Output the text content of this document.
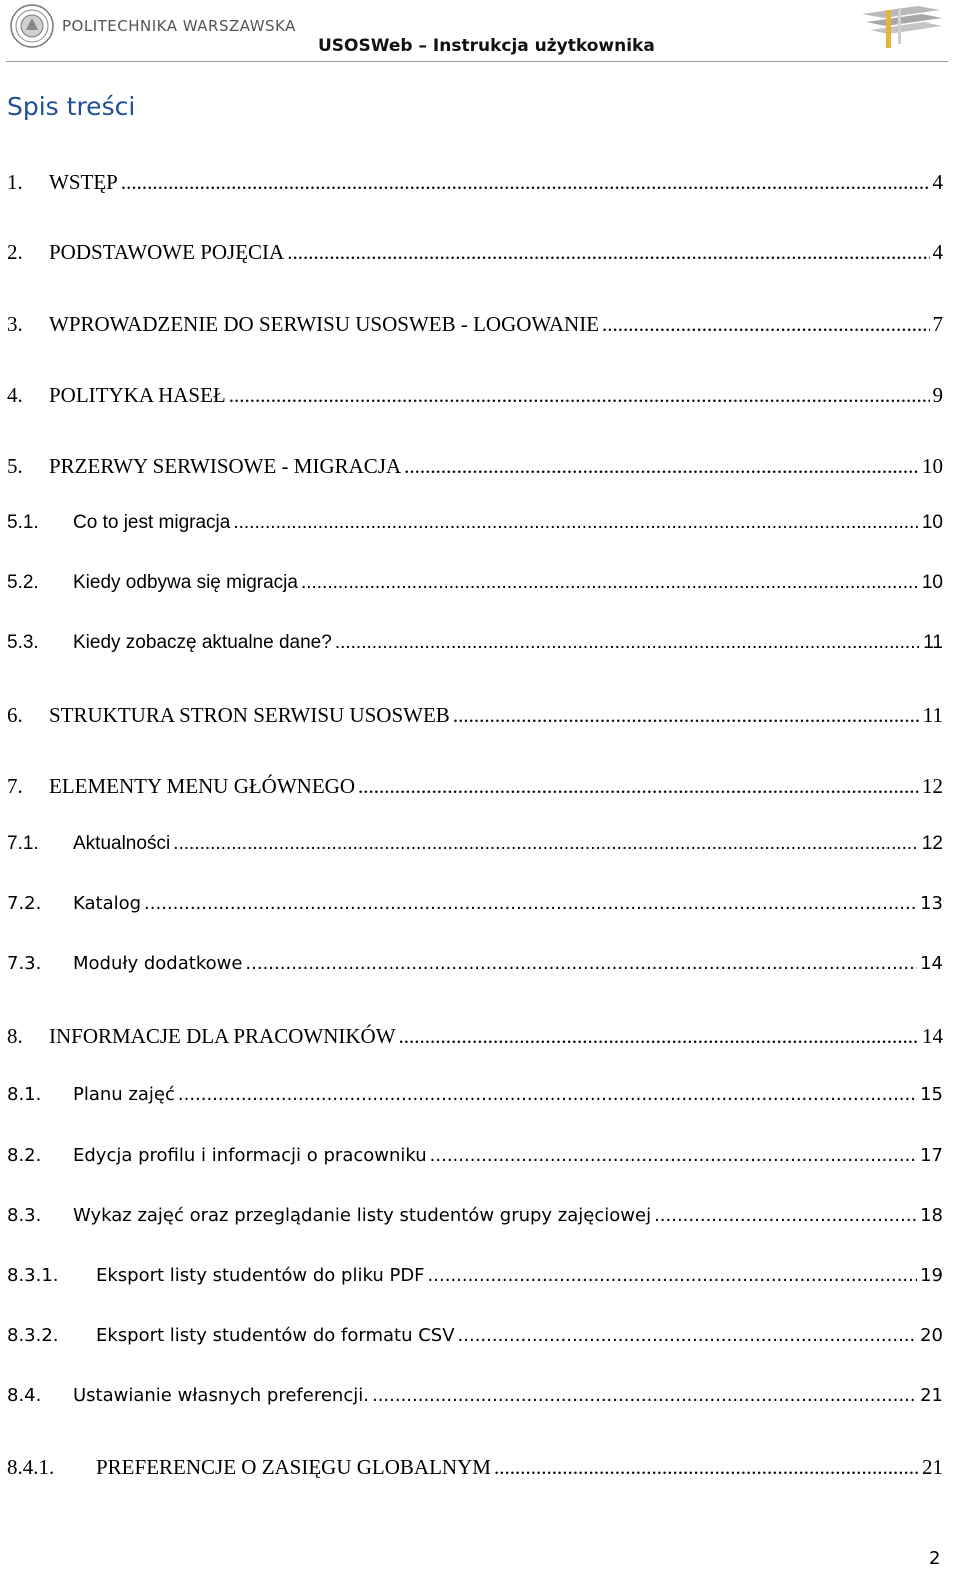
POLITECHNIKA WARSZAWSKA
USOSWeb – Instrukcja użytkownika
Spis treści
1.	WSTĘP .....	4
2.	PODSTAWOWE POJĘCIA .....	4
3.	WPROWADZENIE DO SERWISU USOSWEB - LOGOWANIE .....	7
4.	POLITYKA HASEŁ .....	9
5.	PRZERWY SERWISOWE - MIGRACJA .....	10
5.1.	Co to jest migracja .....	10
5.2.	Kiedy odbywa się migracja .....	10
5.3.	Kiedy zobaczę aktualne dane? .....	11
6.	STRUKTURA STRON SERWISU USOSWEB .....	11
7.	ELEMENTY MENU GŁÓWNEGO .....	12
7.1.	Aktualności .....	12
7.2.	Katalog .....	13
7.3.	Moduły dodatkowe .....	14
8.	INFORMACJE DLA PRACOWNIKÓW .....	14
8.1.	Planu zajęć .....	15
8.2.	Edycja profilu i informacji o pracowniku .....	17
8.3.	Wykaz zajęć oraz przeglądanie listy studentów grupy zajęciowej .....	18
8.3.1.	Eksport listy studentów do pliku PDF .....	19
8.3.2.	Eksport listy studentów do formatu CSV .....	20
8.4.	Ustawianie własnych preferencji. .....	21
8.4.1.	PREFERENCJE O ZASIĘGU GLOBALNYM .....	21
2
